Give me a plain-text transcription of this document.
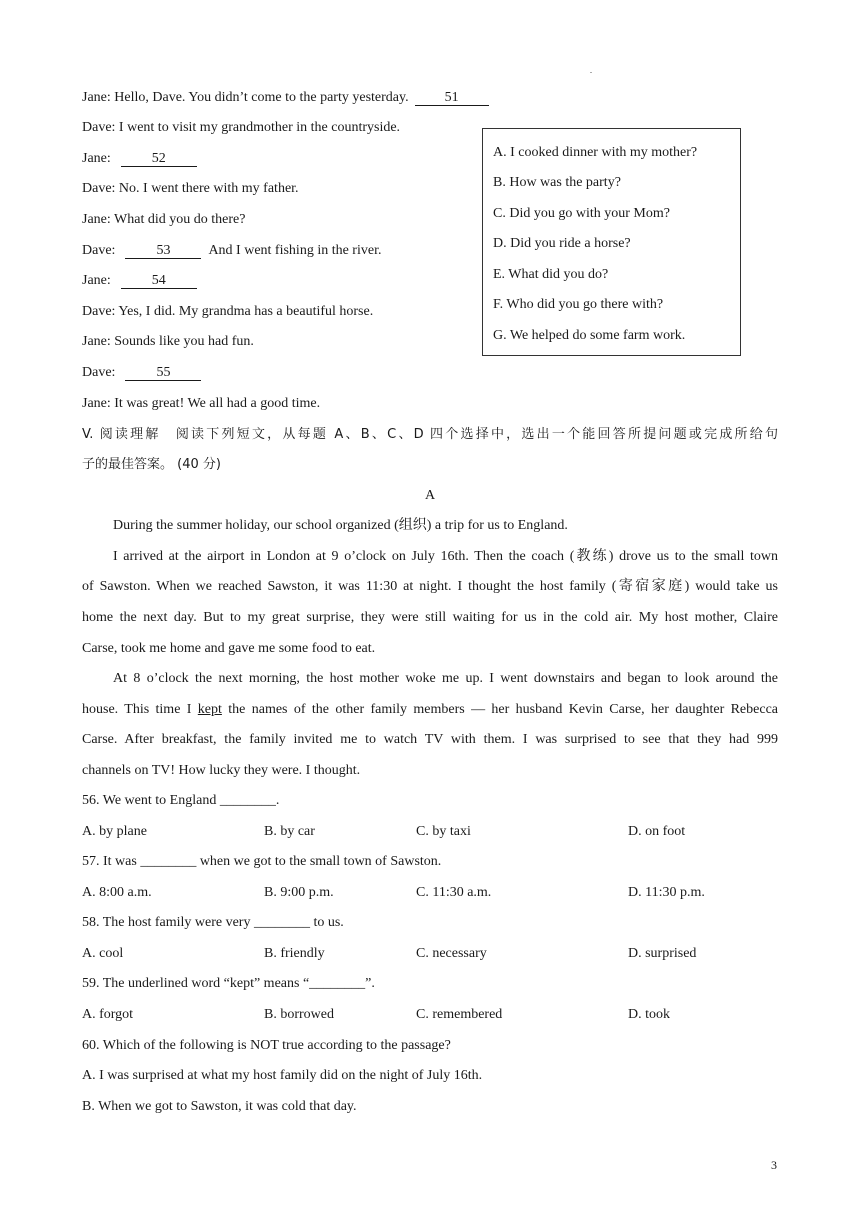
.
Jane: Hello, Dave. You didn’t come to the party yesterday.	51
Dave: I went to visit my grandmother in the countryside.
Jane:	52
Dave: No. I went there with my father.
Jane: What did you do there?
Dave:	53	And I went fishing in the river.
Jane:	54
Dave: Yes, I did. My grandma has a beautiful horse.
Jane: Sounds like you had fun.
Dave:	55
Jane: It was great! We all had a good time.
A. I cooked dinner with my mother?
B. How was the party?
C. Did you go with your Mom?
D. Did you ride a horse?
E. What did you do?
F. Who did you go there with?
G. We helped do some farm work.
V. 阅读理解　阅读下列短文，从每题 A、B、C、D 四个选择中，选出一个能回答所提问题或完成所给句
子的最佳答案。 (40 分)
A
During the summer holiday, our school organized (组织) a trip for us to England.
I arrived at the airport in London at 9 o’clock on July 16th. Then the coach (教练) drove us to the small town
of Sawston. When we reached Sawston, it was 11:30 at night. I thought the host family (寄宿家庭) would take us
home the next day. But to my great surprise, they were still waiting for us in the cold air. My host mother, Claire
Carse, took me home and gave me some food to eat.
At 8 o’clock the next morning, the host mother woke me up. I went downstairs and began to look around the
house. This time I kept the names of the other family members — her husband Kevin Carse, her daughter Rebecca
Carse. After breakfast, the family invited me to watch TV with them. I was surprised to see that they had 999
channels on TV! How lucky they were. I thought.
56. We went to England ________.
A. by plane	B. by car	C. by taxi	D. on foot
57. It was ________ when we got to the small town of Sawston.
A. 8:00 a.m.	B. 9:00 p.m.	C. 11:30 a.m.	D. 11:30 p.m.
58. The host family were very ________ to us.
A. cool	B. friendly	C. necessary	D. surprised
59. The underlined word “kept” means “________”.
A. forgot	B. borrowed	C. remembered	D. took
60. Which of the following is NOT true according to the passage?
A. I was surprised at what my host family did on the night of July 16th.
B. When we got to Sawston, it was cold that day.
3
